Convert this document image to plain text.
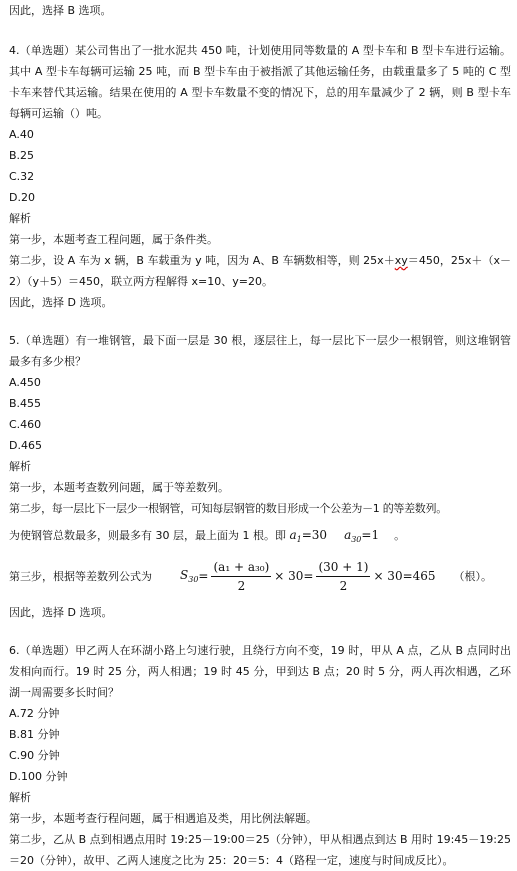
因此，选择 B 选项。
4.（单选题）某公司售出了一批水泥共 450 吨，计划使用同等数量的 A 型卡车和 B 型卡车进行运输。其中 A 型卡车每辆可运输 25 吨，而 B 型卡车由于被指派了其他运输任务，由载重量多了 5 吨的 C 型卡车来替代其运输。结果在使用的 A 型卡车数量不变的情况下，总的用车量减少了 2 辆，则 B 型卡车每辆可运输（）吨。
A.40
B.25
C.32
D.20
解析
第一步，本题考查工程问题，属于条件类。
第二步，设 A 车为 x 辆，B 车载重为 y 吨，因为 A、B 车辆数相等，则 25x＋xy＝450，25x＋（x－2）（y＋5）＝450，联立两方程解得 x=10、y=20。
因此，选择 D 选项。
5.（单选题）有一堆钢管，最下面一层是 30 根，逐层往上，每一层比下一层少一根钢管，则这堆钢管最多有多少根？
A.450
B.455
C.460
D.465
解析
第一步，本题考查数列问题，属于等差数列。
第二步，每一层比下一层少一根钢管，可知每层钢管的数目形成一个公差为－1 的等差数列。
为使钢管总数最多，则最多有 30 层，最上面为 1 根。即 $a_1=30$ $a_{30}=1$ 。
第三步，根据等差数列公式为 $S_{30} = \frac{\text{(a₁ + a₃₀)}}{2} \times 30= \frac{(30 + 1)}{2} \times 30=465$ （根）。
因此，选择 D 选项。
6.（单选题）甲乙两人在环湖小路上匀速行驶，且绕行方向不变，19 时，甲从 A 点，乙从 B 点同时出发相向而行。19 时 25 分，两人相遇；19 时 45 分，甲到达 B 点；20 时 5 分，两人再次相遇，乙环湖一周需要多长时间？
A.72 分钟
B.81 分钟
C.90 分钟
D.100 分钟
解析
第一步，本题考查行程问题，属于相遇追及类，用比例法解题。
第二步，乙从 B 点到相遇点用时 19:25－19:00＝25（分钟），甲从相遇点到达 B 用时 19:45－19:25＝20（分钟），故甲、乙两人速度之比为 25：20＝5：4（路程一定，速度与时间成反比）。
